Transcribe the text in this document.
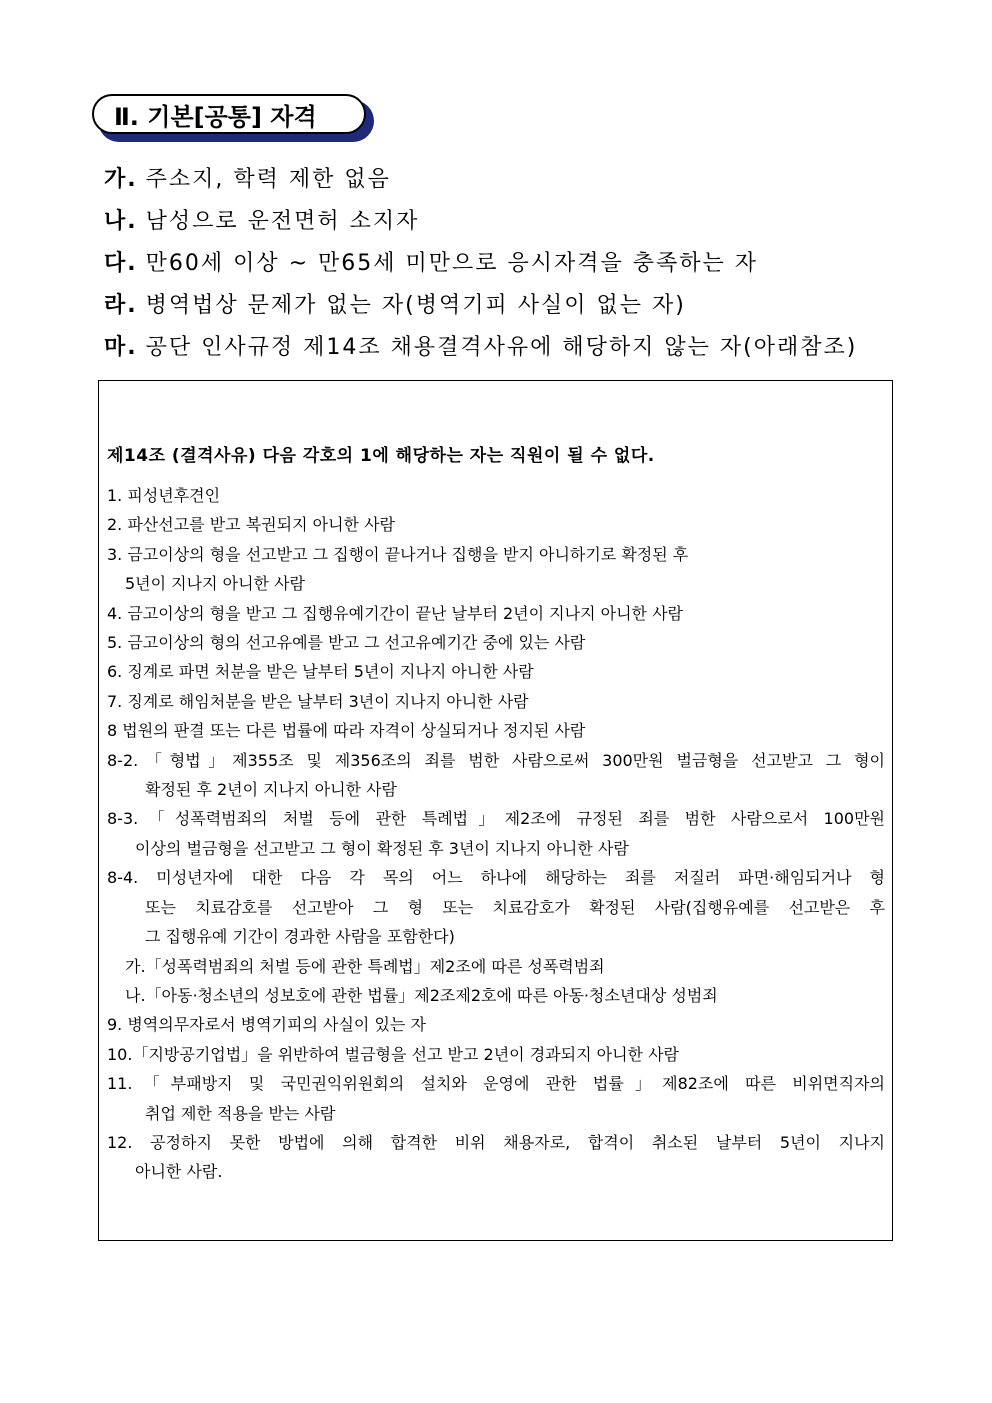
Ⅱ. 기본[공통] 자격
가. 주소지, 학력 제한 없음
나. 남성으로 운전면허 소지자
다. 만60세 이상 ~ 만65세 미만으로 응시자격을 충족하는 자
라. 병역법상 문제가 없는 자(병역기피 사실이 없는 자)
마. 공단 인사규정 제14조 채용결격사유에 해당하지 않는 자(아래참조)
제14조 (결격사유) 다음 각호의 1에 해당하는 자는 직원이 될 수 없다.
1. 피성년후견인
2. 파산선고를 받고 복권되지 아니한 사람
3. 금고이상의 형을 선고받고 그 집행이 끝나거나 집행을 받지 아니하기로 확정된 후
5년이 지나지 아니한 사람
4. 금고이상의 형을 받고 그 집행유예기간이 끝난 날부터 2년이 지나지 아니한 사람
5. 금고이상의 형의 선고유예를 받고 그 선고유예기간 중에 있는 사람
6. 징계로 파면 처분을 받은 날부터 5년이 지나지 아니한 사람
7. 징계로 해임처분을 받은 날부터 3년이 지나지 아니한 사람
8 법원의 판결 또는 다른 법률에 따라 자격이 상실되거나 정지된 사람
8-2.「형법」제355조 및 제356조의 죄를 범한 사람으로써 300만원 벌금형을 선고받고 그 형이
확정된 후 2년이 지나지 아니한 사람
8-3.「성폭력범죄의 처벌 등에 관한 특례법」제2조에 규정된 죄를 범한 사람으로서 100만원
이상의 벌금형을 선고받고 그 형이 확정된 후 3년이 지나지 아니한 사람
8-4. 미성년자에 대한 다음 각 목의 어느 하나에 해당하는 죄를 저질러 파면·해임되거나 형
또는 치료감호를 선고받아 그 형 또는 치료감호가 확정된 사람(집행유예를 선고받은 후
그 집행유예 기간이 경과한 사람을 포함한다)
가.「성폭력범죄의 처벌 등에 관한 특례법」제2조에 따른 성폭력범죄
나.「아동·청소년의 성보호에 관한 법률」제2조제2호에 따른 아동·청소년대상 성범죄
9. 병역의무자로서 병역기피의 사실이 있는 자
10.「지방공기업법」을 위반하여 벌금형을 선고 받고 2년이 경과되지 아니한 사람
11.「부패방지 및 국민권익위원회의 설치와 운영에 관한 법률」제82조에 따른 비위면직자의
취업 제한 적용을 받는 사람
12. 공정하지 못한 방법에 의해 합격한 비위 채용자로, 합격이 취소된 날부터 5년이 지나지
아니한 사람.
